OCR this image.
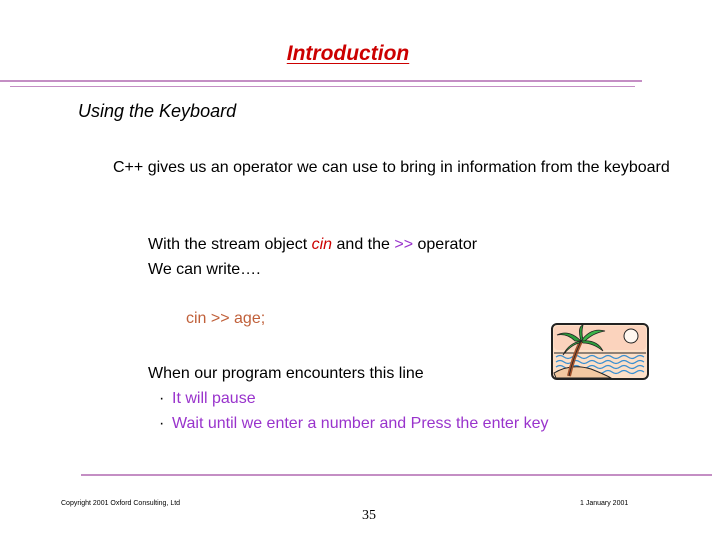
Introduction
Using the Keyboard
C++ gives us an operator we can use to bring in information from the keyboard
With the stream object cin and the >> operator
We can write….
cin >> age;
When our program encounters this line
· It will pause
· Wait until we enter a number and Press the enter key
Copyright 2001 Oxford Consulting, Ltd	1 January 2001
35
